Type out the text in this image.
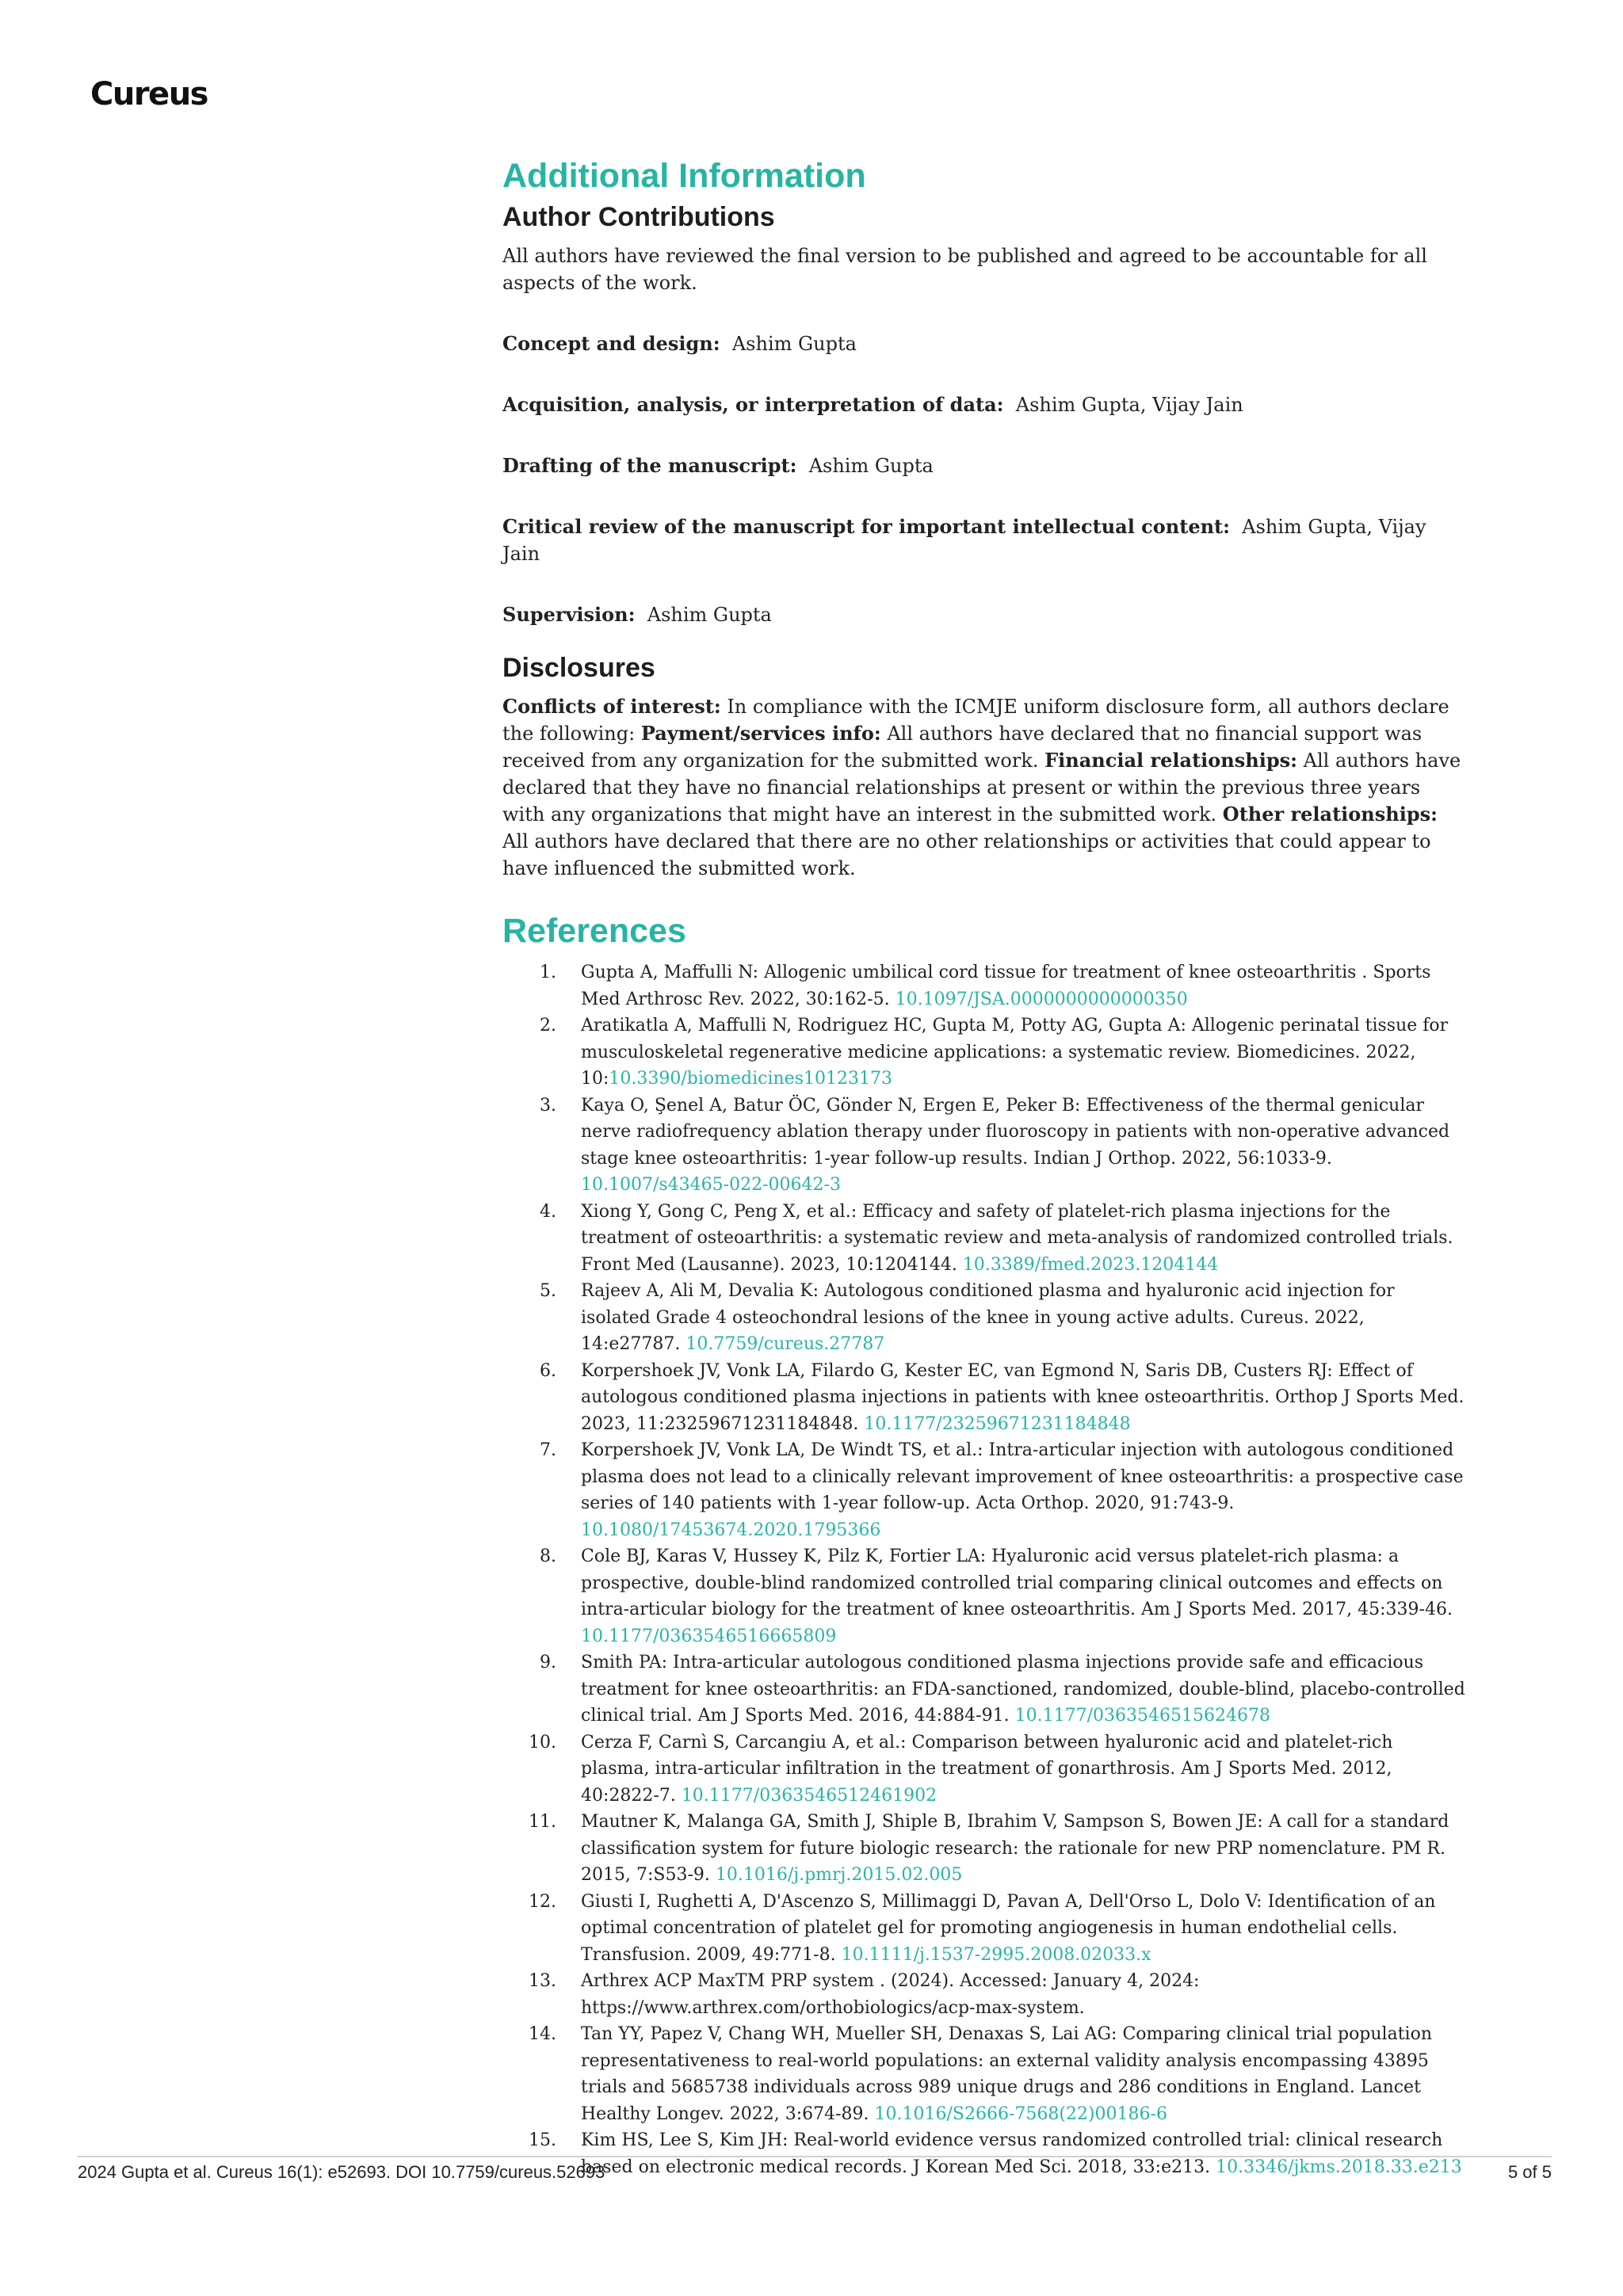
Cureus
Additional Information
Author Contributions

All authors have reviewed the final version to be published and agreed to be accountable for all aspects of the work.

Concept and design: Ashim Gupta

Acquisition, analysis, or interpretation of data: Ashim Gupta, Vijay Jain

Drafting of the manuscript: Ashim Gupta

Critical review of the manuscript for important intellectual content: Ashim Gupta, Vijay Jain

Supervision: Ashim Gupta

Disclosures

Conflicts of interest: In compliance with the ICMJE uniform disclosure form, all authors declare the following: Payment/services info: All authors have declared that no financial support was received from any organization for the submitted work. Financial relationships: All authors have declared that they have no financial relationships at present or within the previous three years with any organizations that might have an interest in the submitted work. Other relationships: All authors have declared that there are no other relationships or activities that could appear to have influenced the submitted work.

References
1. Gupta A, Maffulli N: Allogenic umbilical cord tissue for treatment of knee osteoarthritis . Sports Med Arthrosc Rev. 2022, 30:162-5. 10.1097/JSA.0000000000000350
2. Aratikatla A, Maffulli N, Rodriguez HC, Gupta M, Potty AG, Gupta A: Allogenic perinatal tissue for musculoskeletal regenerative medicine applications: a systematic review. Biomedicines. 2022, 10:10.3390/biomedicines10123173
3. Kaya O, Şenel A, Batur ÖC, Gönder N, Ergen E, Peker B: Effectiveness of the thermal genicular nerve radiofrequency ablation therapy under fluoroscopy in patients with non-operative advanced stage knee osteoarthritis: 1-year follow-up results. Indian J Orthop. 2022, 56:1033-9. 10.1007/s43465-022-00642-3
4. Xiong Y, Gong C, Peng X, et al.: Efficacy and safety of platelet-rich plasma injections for the treatment of osteoarthritis: a systematic review and meta-analysis of randomized controlled trials. Front Med (Lausanne). 2023, 10:1204144. 10.3389/fmed.2023.1204144
5. Rajeev A, Ali M, Devalia K: Autologous conditioned plasma and hyaluronic acid injection for isolated Grade 4 osteochondral lesions of the knee in young active adults. Cureus. 2022, 14:e27787. 10.7759/cureus.27787
6. Korpershoek JV, Vonk LA, Filardo G, Kester EC, van Egmond N, Saris DB, Custers RJ: Effect of autologous conditioned plasma injections in patients with knee osteoarthritis. Orthop J Sports Med. 2023, 11:23259671231184848. 10.1177/23259671231184848
7. Korpershoek JV, Vonk LA, De Windt TS, et al.: Intra-articular injection with autologous conditioned plasma does not lead to a clinically relevant improvement of knee osteoarthritis: a prospective case series of 140 patients with 1-year follow-up. Acta Orthop. 2020, 91:743-9. 10.1080/17453674.2020.1795366
8. Cole BJ, Karas V, Hussey K, Pilz K, Fortier LA: Hyaluronic acid versus platelet-rich plasma: a prospective, double-blind randomized controlled trial comparing clinical outcomes and effects on intra-articular biology for the treatment of knee osteoarthritis. Am J Sports Med. 2017, 45:339-46. 10.1177/0363546516665809
9. Smith PA: Intra-articular autologous conditioned plasma injections provide safe and efficacious treatment for knee osteoarthritis: an FDA-sanctioned, randomized, double-blind, placebo-controlled clinical trial. Am J Sports Med. 2016, 44:884-91. 10.1177/0363546515624678
10. Cerza F, Carnì S, Carcangiu A, et al.: Comparison between hyaluronic acid and platelet-rich plasma, intra-articular infiltration in the treatment of gonarthrosis. Am J Sports Med. 2012, 40:2822-7. 10.1177/0363546512461902
11. Mautner K, Malanga GA, Smith J, Shiple B, Ibrahim V, Sampson S, Bowen JE: A call for a standard classification system for future biologic research: the rationale for new PRP nomenclature. PM R. 2015, 7:S53-9. 10.1016/j.pmrj.2015.02.005
12. Giusti I, Rughetti A, D'Ascenzo S, Millimaggi D, Pavan A, Dell'Orso L, Dolo V: Identification of an optimal concentration of platelet gel for promoting angiogenesis in human endothelial cells. Transfusion. 2009, 49:771-8. 10.1111/j.1537-2995.2008.02033.x
13. Arthrex ACP MaxTM PRP system . (2024). Accessed: January 4, 2024: https://www.arthrex.com/orthobiologics/acp-max-system.
14. Tan YY, Papez V, Chang WH, Mueller SH, Denaxas S, Lai AG: Comparing clinical trial population representativeness to real-world populations: an external validity analysis encompassing 43895 trials and 5685738 individuals across 989 unique drugs and 286 conditions in England. Lancet Healthy Longev. 2022, 3:674-89. 10.1016/S2666-7568(22)00186-6
15. Kim HS, Lee S, Kim JH: Real-world evidence versus randomized controlled trial: clinical research based on electronic medical records. J Korean Med Sci. 2018, 33:e213. 10.3346/jkms.2018.33.e213
2024 Gupta et al. Cureus 16(1): e52693. DOI 10.7759/cureus.52693	5 of 5
